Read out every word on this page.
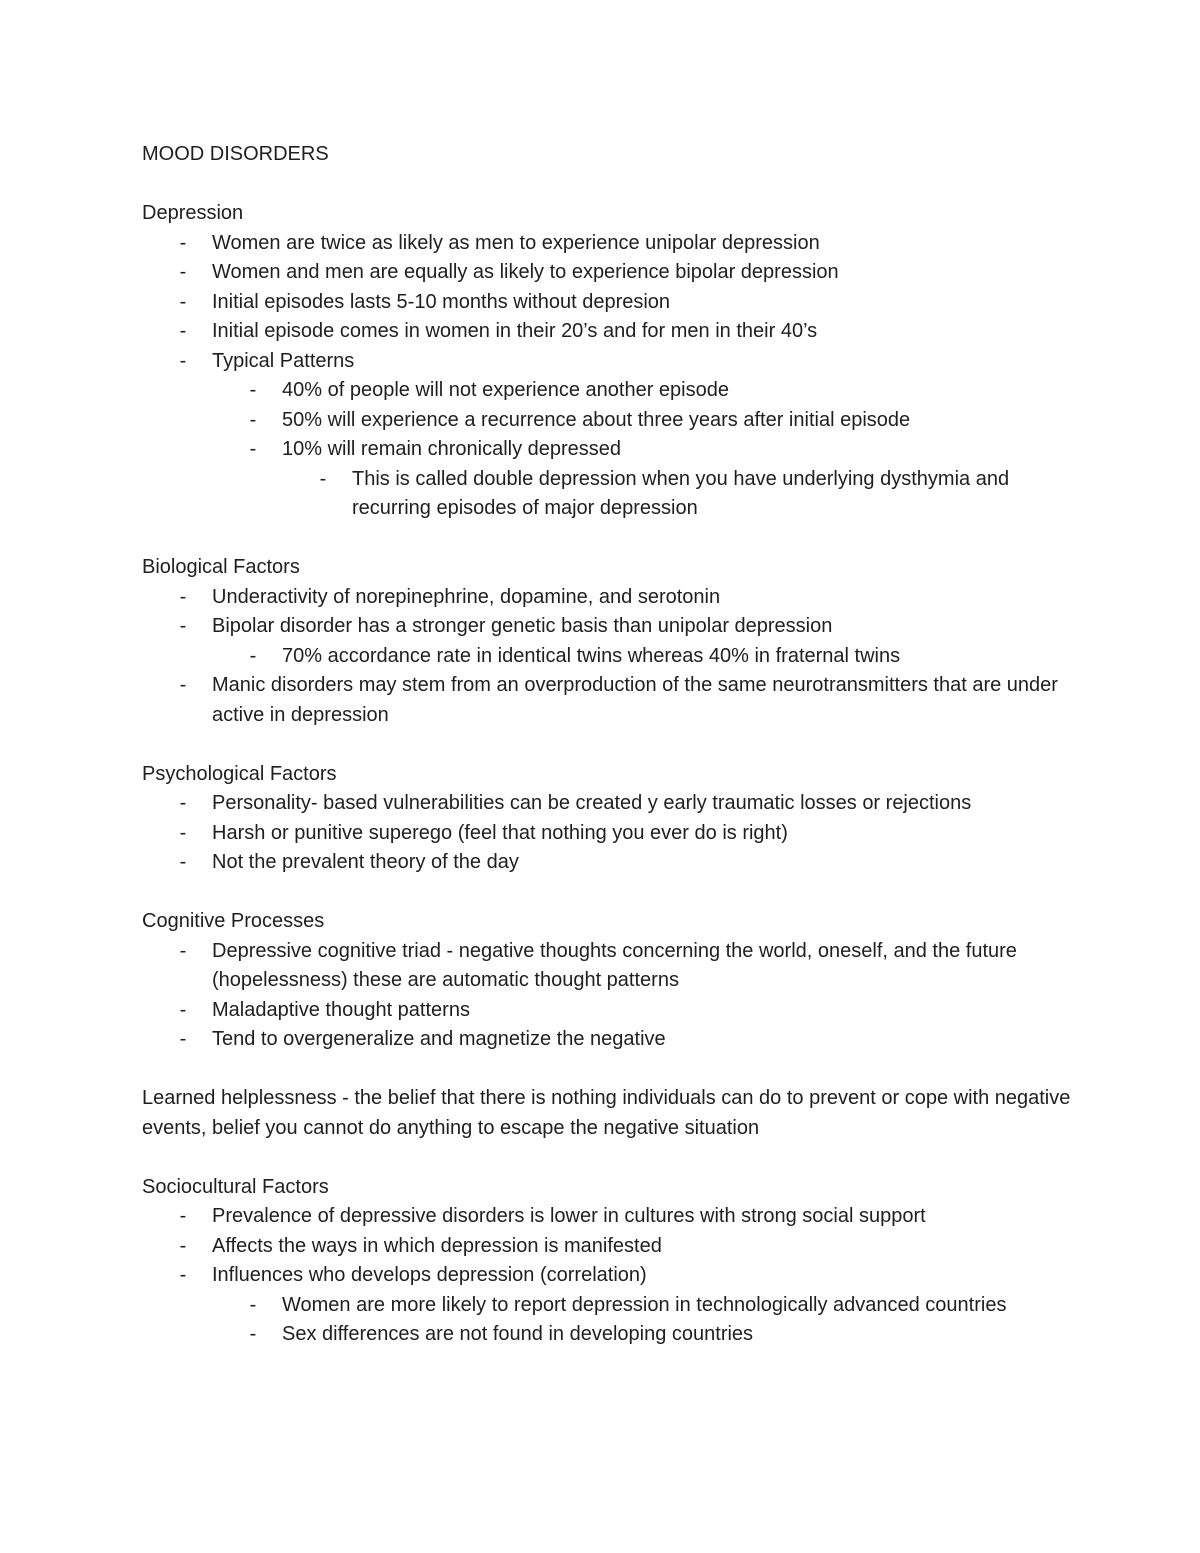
MOOD DISORDERS
Depression
- Women are twice as likely as men to experience unipolar depression
- Women and men are equally as likely to experience bipolar depression
- Initial episodes lasts 5-10 months without depresion
- Initial episode comes in women in their 20’s and for men in their 40’s
- Typical Patterns
- 40% of people will not experience another episode
- 50% will experience a recurrence about three years after initial episode
- 10% will remain chronically depressed
- This is called double depression when you have underlying dysthymia and recurring episodes of major depression
Biological Factors
- Underactivity of norepinephrine, dopamine, and serotonin
- Bipolar disorder has a stronger genetic basis than unipolar depression
- 70% accordance rate in identical twins whereas 40% in fraternal twins
- Manic disorders may stem from an overproduction of the same neurotransmitters that are under active in depression
Psychological Factors
- Personality- based vulnerabilities can be created y early traumatic losses or rejections
- Harsh or punitive superego (feel that nothing you ever do is right)
- Not the prevalent theory of the day
Cognitive Processes
- Depressive cognitive triad - negative thoughts concerning the world, oneself, and the future (hopelessness) these are automatic thought patterns
- Maladaptive thought patterns
- Tend to overgeneralize and magnetize the negative
Learned helplessness - the belief that there is nothing individuals can do to prevent or cope with negative events, belief you cannot do anything to escape the negative situation
Sociocultural Factors
- Prevalence of depressive disorders is lower in cultures with strong social support
- Affects the ways in which depression is manifested
- Influences who develops depression (correlation)
- Women are more likely to report depression in technologically advanced countries
- Sex differences are not found in developing countries
